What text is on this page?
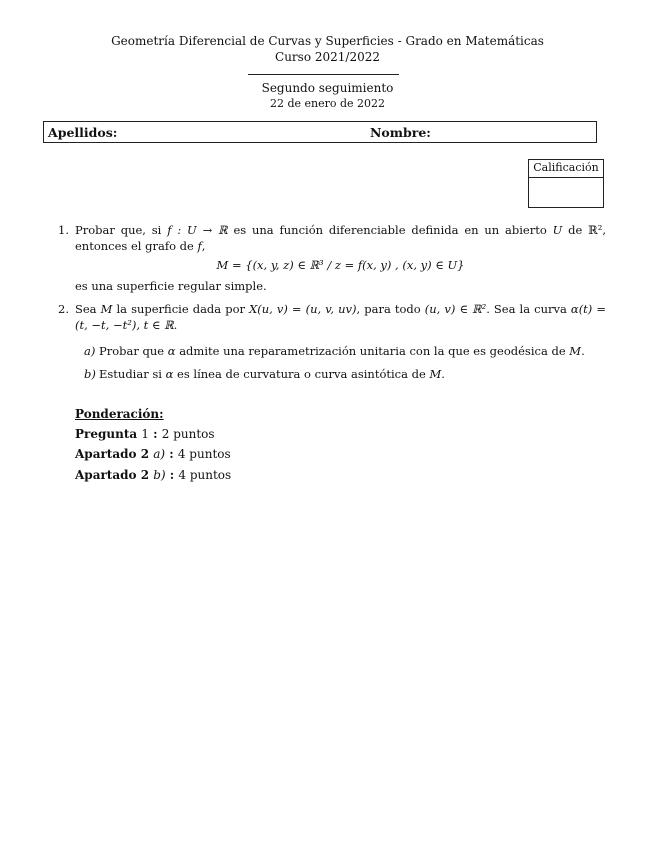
Geometría Diferencial de Curvas y Superficies - Grado en Matemáticas
Curso 2021/2022
Segundo seguimiento
22 de enero de 2022
Apellidos:	Nombre:
Calificación
1. Probar que, si f : U → ℝ es una función diferenciable definida en un abierto U de ℝ², entonces el grafo de f,

M = {(x, y, z) ∈ ℝ³ / z = f(x, y) , (x, y) ∈ U}

es una superficie regular simple.
2. Sea M la superficie dada por X(u, v) = (u, v, uv), para todo (u, v) ∈ ℝ². Sea la curva α(t) = (t, −t, −t²), t ∈ ℝ.
a) Probar que α admite una reparametrización unitaria con la que es geodésica de M.
b) Estudiar si α es línea de curvatura o curva asintótica de M.
Ponderación:
Pregunta 1 : 2 puntos
Apartado 2 a) : 4 puntos
Apartado 2 b) : 4 puntos
